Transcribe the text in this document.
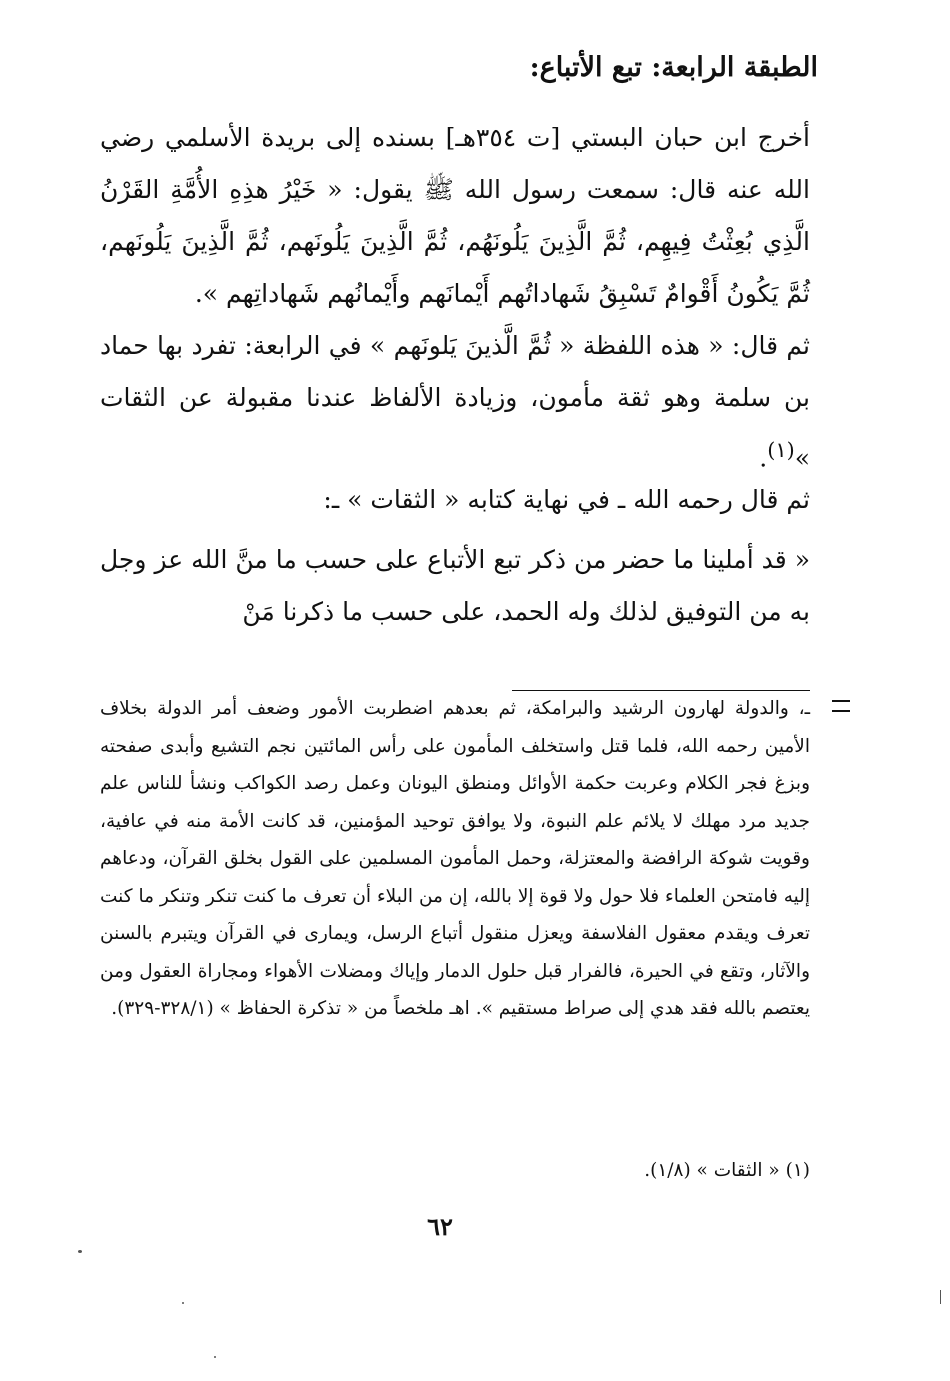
الطبقة الرابعة: تبع الأتباع:
أخرج ابن حبان البستي [ت ٣٥٤هـ] بسنده إلى بريدة الأسلمي رضي الله عنه قال: سمعت رسول الله ﷺ يقول: « خَيْرُ هذِهِ الأُمَّةِ القَرْنُ الَّذِي بُعِثْتُ فِيهِم، ثُمَّ الَّذِينَ يَلُونَهُم، ثُمَّ الَّذِينَ يَلُونَهم، ثُمَّ الَّذِينَ يَلُونَهم، ثُمَّ يَكُونُ أَقْوامٌ تَسْبِقُ شَهاداتُهم أَيْمانَهم وأَيْمانُهم شَهاداتِهم ».
ثم قال: « هذه اللفظة « ثُمَّ الَّذينَ يَلونَهم » في الرابعة: تفرد بها حماد بن سلمة وهو ثقة مأمون، وزيادة الألفاظ عندنا مقبولة عن الثقات »$^{(١)}$.
ثم قال رحمه الله ـ في نهاية كتابه « الثقات » ـ:
« قد أملينا ما حضر من ذكر تبع الأتباع على حسب ما منَّ الله عز وجل به من التوفيق لذلك وله الحمد، على حسب ما ذكرنا مَنْ
ـ، والدولة لهارون الرشيد والبرامكة، ثم بعدهم اضطربت الأمور وضعف أمر الدولة بخلاف الأمين رحمه الله، فلما قتل واستخلف المأمون على رأس المائتين نجم التشيع وأبدى صفحته وبزغ فجر الكلام وعربت حكمة الأوائل ومنطق اليونان وعمل رصد الكواكب ونشأ للناس علم جديد مرد مهلك لا يلائم علم النبوة، ولا يوافق توحيد المؤمنين، قد كانت الأمة منه في عافية، وقويت شوكة الرافضة والمعتزلة، وحمل المأمون المسلمين على القول بخلق القرآن، ودعاهم إليه فامتحن العلماء فلا حول ولا قوة إلا بالله، إن من البلاء أن تعرف ما كنت تنكر وتنكر ما كنت تعرف ويقدم معقول الفلاسفة ويعزل منقول أتباع الرسل، ويمارى في القرآن ويتبرم بالسنن والآثار، وتقع في الحيرة، فالفرار قبل حلول الدمار وإياك ومضلات الأهواء ومجاراة العقول ومن يعتصم بالله فقد هدي إلى صراط مستقيم ». اهـ ملخصاً من « تذكرة الحفاظ » (٣٢٨/١-٣٢٩).
(١) « الثقات » (١/٨).
٦٢
